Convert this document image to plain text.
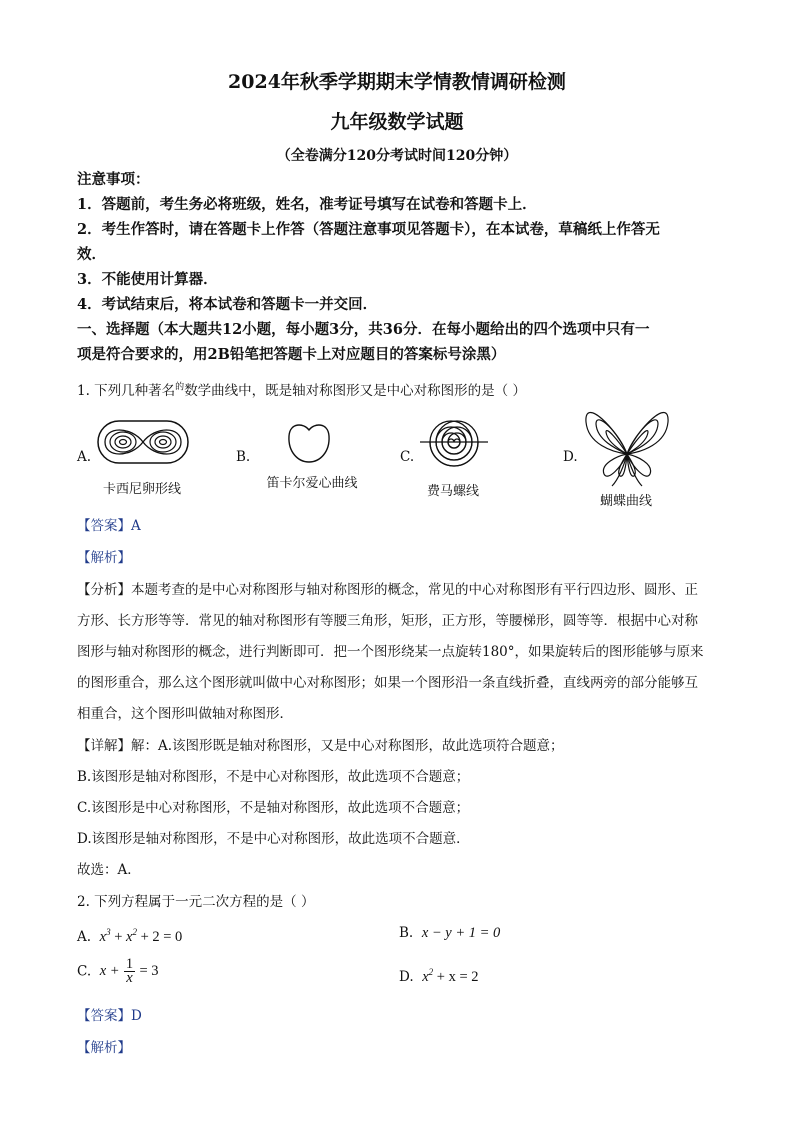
2024年秋季学期期末学情教情调研检测
九年级数学试题
（全卷满分120分考试时间120分钟）
注意事项：
1．答题前，考生务必将班级，姓名，准考证号填写在试卷和答题卡上．
2．考生作答时，请在答题卡上作答（答题注意事项见答题卡），在本试卷，草稿纸上作答无
效．
3．不能使用计算器．
4．考试结束后，将本试卷和答题卡一并交回．
一、选择题（本大题共12小题，每小题3分，共36分．在每小题给出的四个选项中只有一
项是符合要求的，用2B铅笔把答题卡上对应题目的答案标号涂黑）
1. 下列几种著名$^的$数学曲线中，既是轴对称图形又是中心对称图形的是（ ）
A.
卡西尼卵形线
B.
笛卡尔爱心曲线
C.
费马螺线
D.
蝴蝶曲线
【答案】A
【解析】
【分析】本题考查的是中心对称图形与轴对称图形的概念，常见的中心对称图形有平行四边形、圆形、正
方形、长方形等等．常见的轴对称图形有等腰三角形，矩形，正方形，等腰梯形，圆等等．根据中心对称
图形与轴对称图形的概念，进行判断即可．把一个图形绕某一点旋转180°，如果旋转后的图形能够与原来
的图形重合，那么这个图形就叫做中心对称图形；如果一个图形沿一条直线折叠，直线两旁的部分能够互
相重合，这个图形叫做轴对称图形．
【详解】解：A.该图形既是轴对称图形，又是中心对称图形，故此选项符合题意；
B.该图形是轴对称图形，不是中心对称图形，故此选项不合题意；
C.该图形是中心对称图形，不是轴对称图形，故此选项不合题意；
D.该图形是轴对称图形，不是中心对称图形，故此选项不合题意．
故选：A．
2. 下列方程属于一元二次方程的是（ ）
A. $x^3 + x^2 + 2 = 0$	B. x − y + 1 = 0
C. $x + \frac{1}{x} = 3$	D. $x^2 + x = 2$
【答案】D
【解析】
